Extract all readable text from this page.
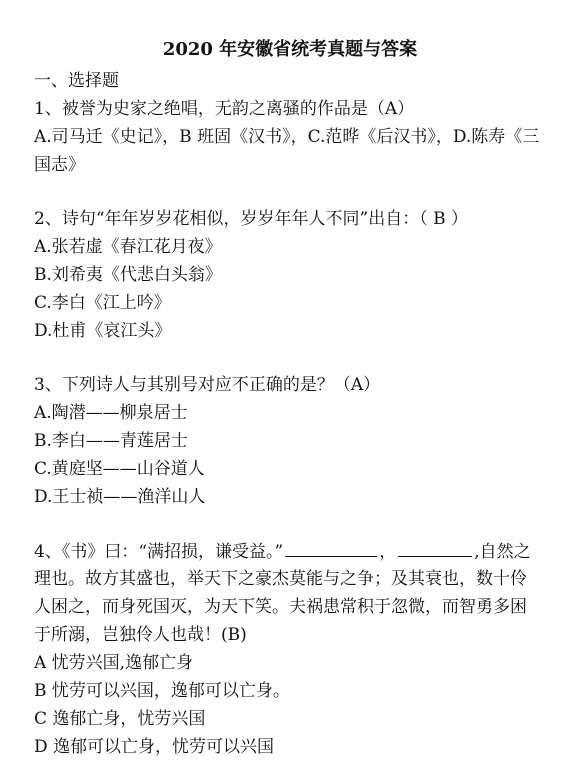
2020 年安徽省统考真题与答案
一、选择题
1、被誉为史家之绝唱，无韵之离骚的作品是（A）
A.司马迁《史记》，B 班固《汉书》，C.范晔《后汉书》，D.陈寿《三
国志》
2、诗句“年年岁岁花相似，岁岁年年人不同”出自：（ B ）
A.张若虚《春江花月夜》
B.刘希夷《代悲白头翁》
C.李白《江上吟》
D.杜甫《哀江头》
3、下列诗人与其别号对应不正确的是？（A）
A.陶潜——柳泉居士
B.李白——青莲居士
C.黄庭坚——山谷道人
D.王士祯——渔洋山人
4、《书》曰：“满招损，谦受益。”	，	,自然之
理也。故方其盛也，举天下之豪杰莫能与之争；及其衰也，数十伶
人困之，而身死国灭，为天下笑。夫祸患常积于忽微，而智勇多困
于所溺，岂独伶人也哉！(B)
A 忧劳兴国,逸郁亡身
B 忧劳可以兴国，逸郁可以亡身。
C 逸郁亡身，忧劳兴国
D 逸郁可以亡身，忧劳可以兴国
